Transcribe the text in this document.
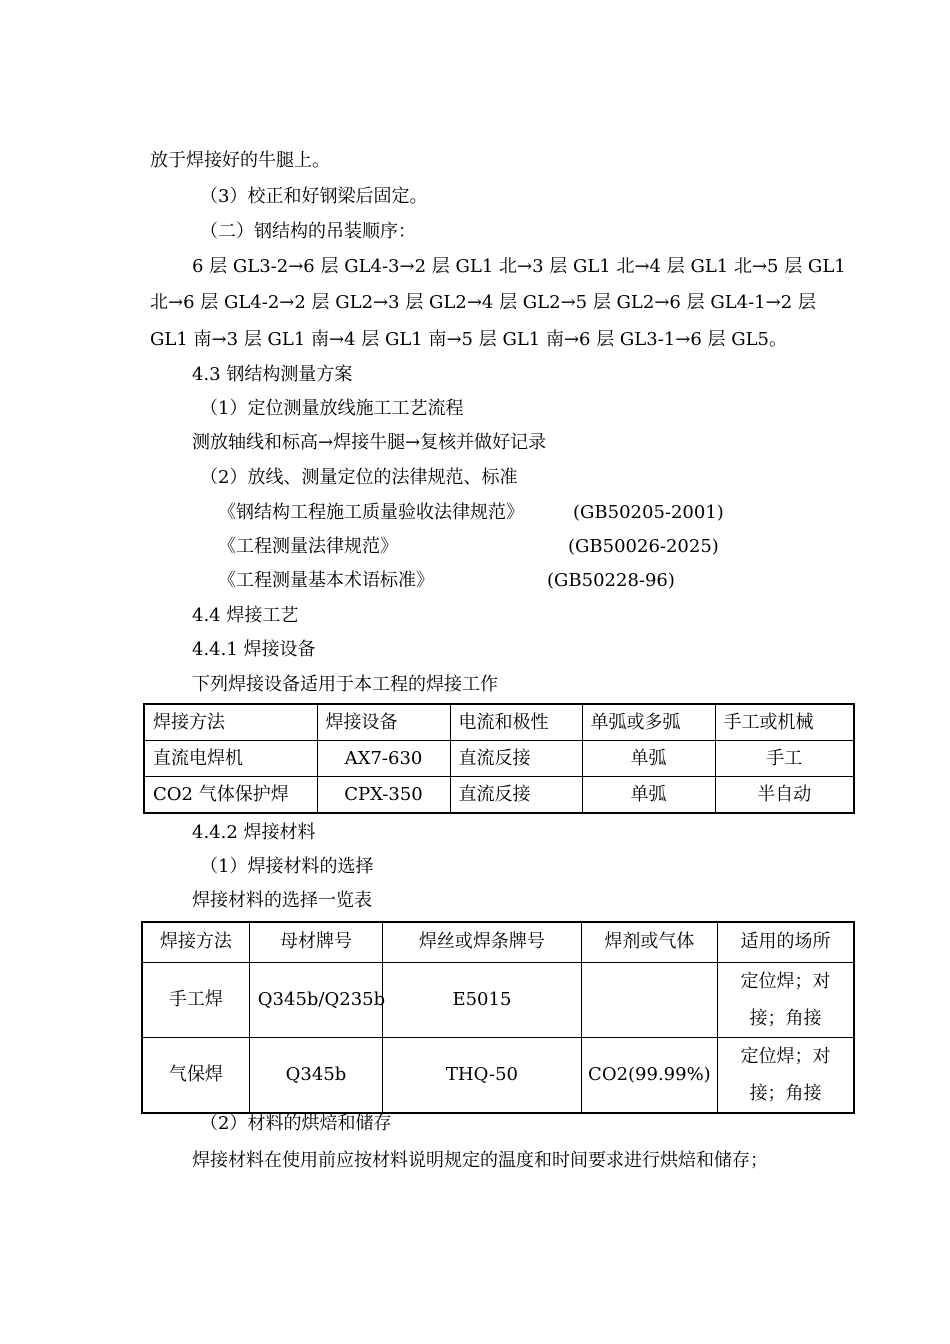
放于焊接好的牛腿上。
（3）校正和好钢梁后固定。
（二）钢结构的吊装顺序：
6 层 GL3-2→6 层 GL4-3→2 层 GL1 北→3 层 GL1 北→4 层 GL1 北→5 层 GL1
北→6 层 GL4-2→2 层 GL2→3 层 GL2→4 层 GL2→5 层 GL2→6 层 GL4-1→2 层
GL1 南→3 层 GL1 南→4 层 GL1 南→5 层 GL1 南→6 层 GL3-1→6 层 GL5。
4.3 钢结构测量方案
（1）定位测量放线施工工艺流程
测放轴线和标高→焊接牛腿→复核并做好记录
（2）放线、测量定位的法律规范、标准
《钢结构工程施工质量验收法律规范》	(GB50205-2001)
《工程测量法律规范》	(GB50026-2025)
《工程测量基本术语标准》	(GB50228-96)
4.4 焊接工艺
4.4.1 焊接设备
下列焊接设备适用于本工程的焊接工作
焊接方法	焊接设备	电流和极性	单弧或多弧	手工或机械
直流电焊机	AX7-630	直流反接	单弧	手工
CO2 气体保护焊	CPX-350	直流反接	单弧	半自动
4.4.2 焊接材料
（1）焊接材料的选择
焊接材料的选择一览表
焊接方法	母材牌号	焊丝或焊条牌号	焊剂或气体	适用的场所
手工焊	Q345b/Q235b	E5015		定位焊；对接；角接
气保焊	Q345b	THQ-50	CO2(99.99%)	定位焊；对接；角接
（2）材料的烘焙和储存
焊接材料在使用前应按材料说明规定的温度和时间要求进行烘焙和储存；
